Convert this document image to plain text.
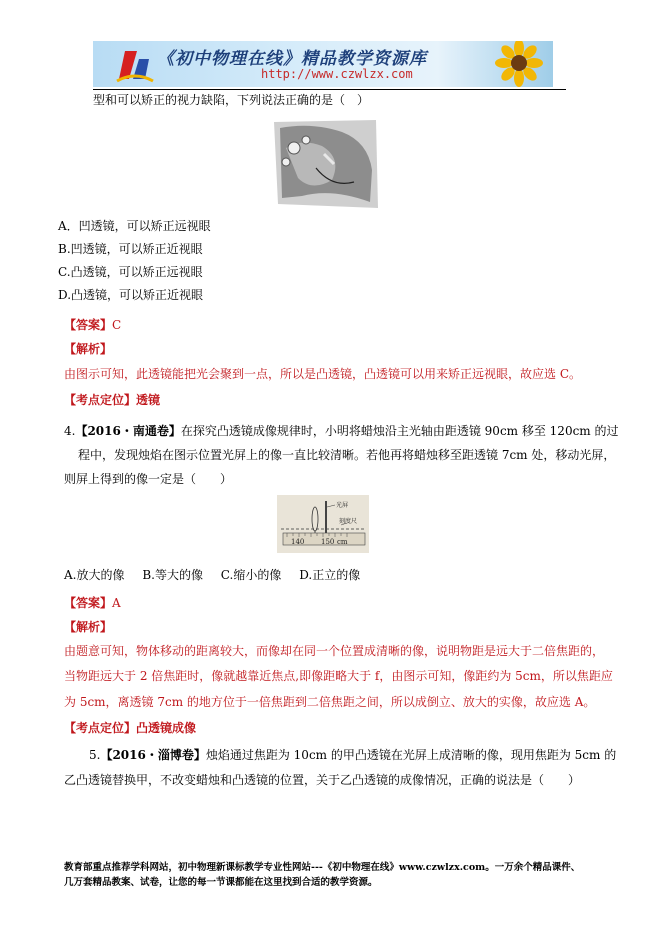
《初中物理在线》精品教学资源库
http://www.czwlzx.com
型和可以矫正的视力缺陷，下列说法正确的是（　）
A．凹透镜，可以矫正远视眼
B.凹透镜，可以矫正近视眼
C.凸透镜，可以矫正远视眼
D.凸透镜，可以矫正近视眼
【答案】C
【解析】
由图示可知，此透镜能把光会聚到一点，所以是凸透镜，凸透镜可以用来矫正远视眼，故应选 C。
【考点定位】透镜
4.【2016・南通卷】在探究凸透镜成像规律时，小明将蜡烛沿主光轴由距透镜 90cm 移至 120cm 的过
程中，发现烛焰在图示位置光屏上的像一直比较清晰。若他再将蜡烛移至距透镜 7cm 处，移动光屏，
则屏上得到的像一定是（　　）
光屏
刻度尺
140 150 cm
A.放大的像 B.等大的像 C.缩小的像 D.正立的像
【答案】A
【解析】
由题意可知，物体移动的距离较大，而像却在同一个位置成清晰的像，说明物距是远大于二倍焦距的，
当物距远大于 2 倍焦距时，像就越靠近焦点,即像距略大于 f，由图示可知，像距约为 5cm，所以焦距应
为 5cm，离透镜 7cm 的地方位于一倍焦距到二倍焦距之间，所以成倒立、放大的实像，故应选 A。
【考点定位】凸透镜成像
5.【2016・淄博卷】烛焰通过焦距为 10cm 的甲凸透镜在光屏上成清晰的像，现用焦距为 5cm 的
乙凸透镜替换甲，不改变蜡烛和凸透镜的位置，关于乙凸透镜的成像情况，正确的说法是（　　）
教育部重点推荐学科网站，初中物理新课标教学专业性网站---《初中物理在线》www.czwlzx.com。一万余个精品课件、
几万套精品教案、试卷，让您的每一节课都能在这里找到合适的教学资源。
